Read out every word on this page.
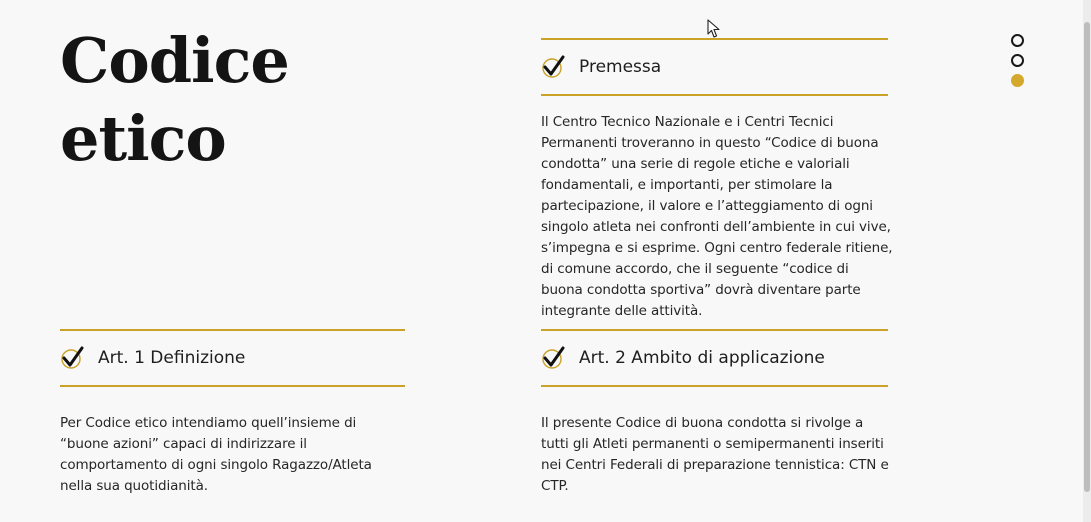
Codice
etico
Premessa

Il Centro Tecnico Nazionale e i Centri Tecnici Permanenti troveranno in questo “Codice di buona condotta” una serie di regole etiche e valoriali fondamentali, e importanti, per stimolare la partecipazione, il valore e l’atteggiamento di ogni singolo atleta nei confronti dell’ambiente in cui vive, s’impegna e si esprime. Ogni centro federale ritiene, di comune accordo, che il seguente “codice di buona condotta sportiva” dovrà diventare parte integrante delle attività.

Art. 1 Definizione

Per Codice etico intendiamo quell’insieme di “buone azioni” capaci di indirizzare il comportamento di ogni singolo Ragazzo/Atleta nella sua quotidianità.

Art. 2 Ambito di applicazione

Il presente Codice di buona condotta si rivolge a tutti gli Atleti permanenti o semipermanenti inseriti nei Centri Federali di preparazione tennistica: CTN e CTP.
